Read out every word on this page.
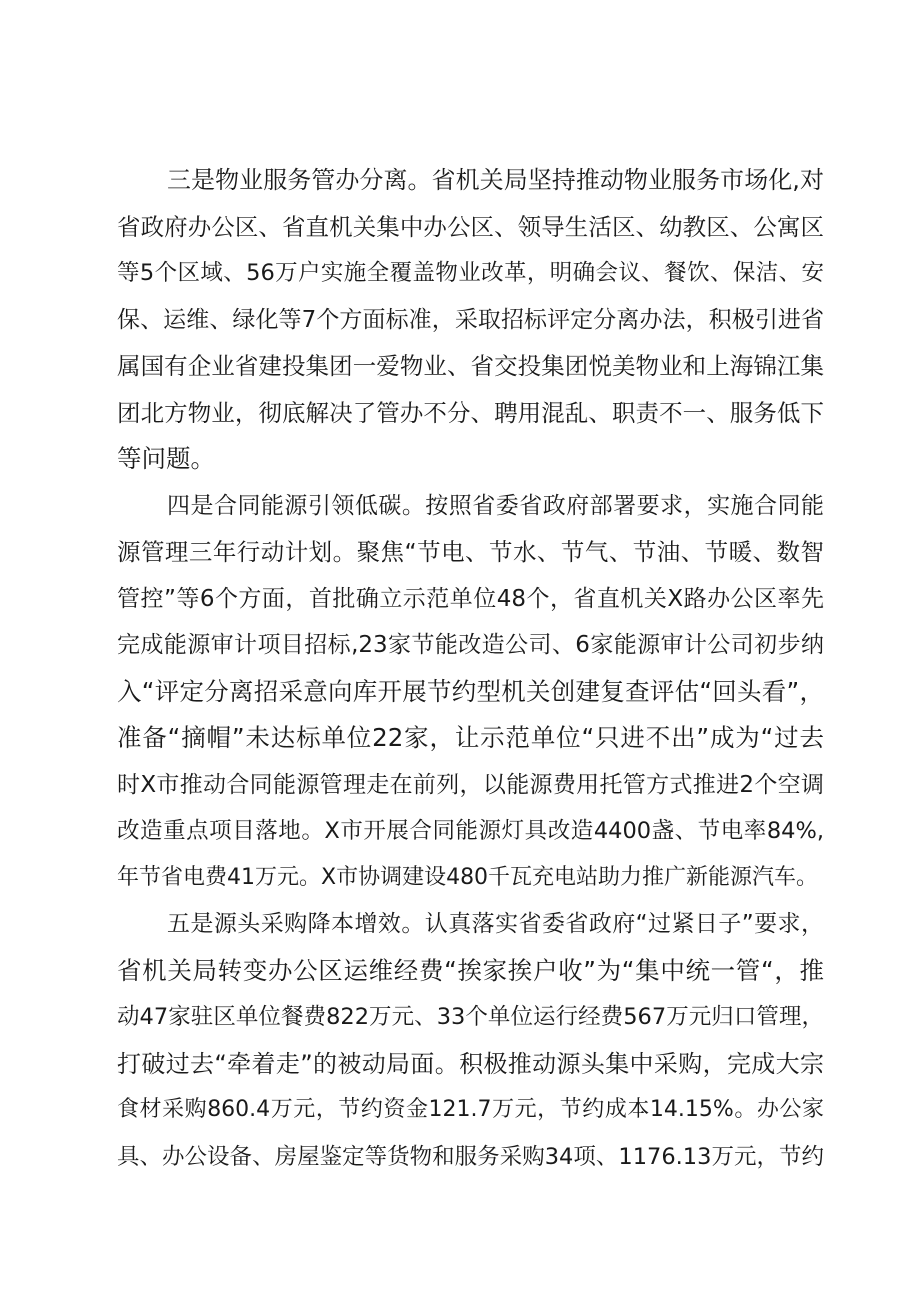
三是物业服务管办分离。省机关局坚持推动物业服务市场化,对
省政府办公区、省直机关集中办公区、领导生活区、幼教区、公寓区
等5个区域、56万户实施全覆盖物业改革，明确会议、餐饮、保洁、安
保、运维、绿化等7个方面标准，采取招标评定分离办法，积极引进省
属国有企业省建投集团一爱物业、省交投集团悦美物业和上海锦江集
团北方物业，彻底解决了管办不分、聘用混乱、职责不一、服务低下
等问题。
四是合同能源引领低碳。按照省委省政府部署要求，实施合同能
源管理三年行动计划。聚焦“节电、节水、节气、节油、节暖、数智
管控”等6个方面，首批确立示范单位48个，省直机关X路办公区率先
完成能源审计项目招标,23家节能改造公司、6家能源审计公司初步纳
入“评定分离招采意向库开展节约型机关创建复查评估“回头看”，
准备“摘帽”未达标单位22家，让示范单位“只进不出”成为“过去
时X市推动合同能源管理走在前列，以能源费用托管方式推进2个空调
改造重点项目落地。X市开展合同能源灯具改造4400盏、节电率84%,
年节省电费41万元。X市协调建设480千瓦充电站助力推广新能源汽车。
五是源头采购降本增效。认真落实省委省政府“过紧日子”要求，
省机关局转变办公区运维经费“挨家挨户收”为“集中统一管“，推
动47家驻区单位餐费822万元、33个单位运行经费567万元归口管理，
打破过去“牵着走”的被动局面。积极推动源头集中采购，完成大宗
食材采购860.4万元，节约资金121.7万元，节约成本14.15%。办公家
具、办公设备、房屋鉴定等货物和服务采购34项、1176.13万元，节约
